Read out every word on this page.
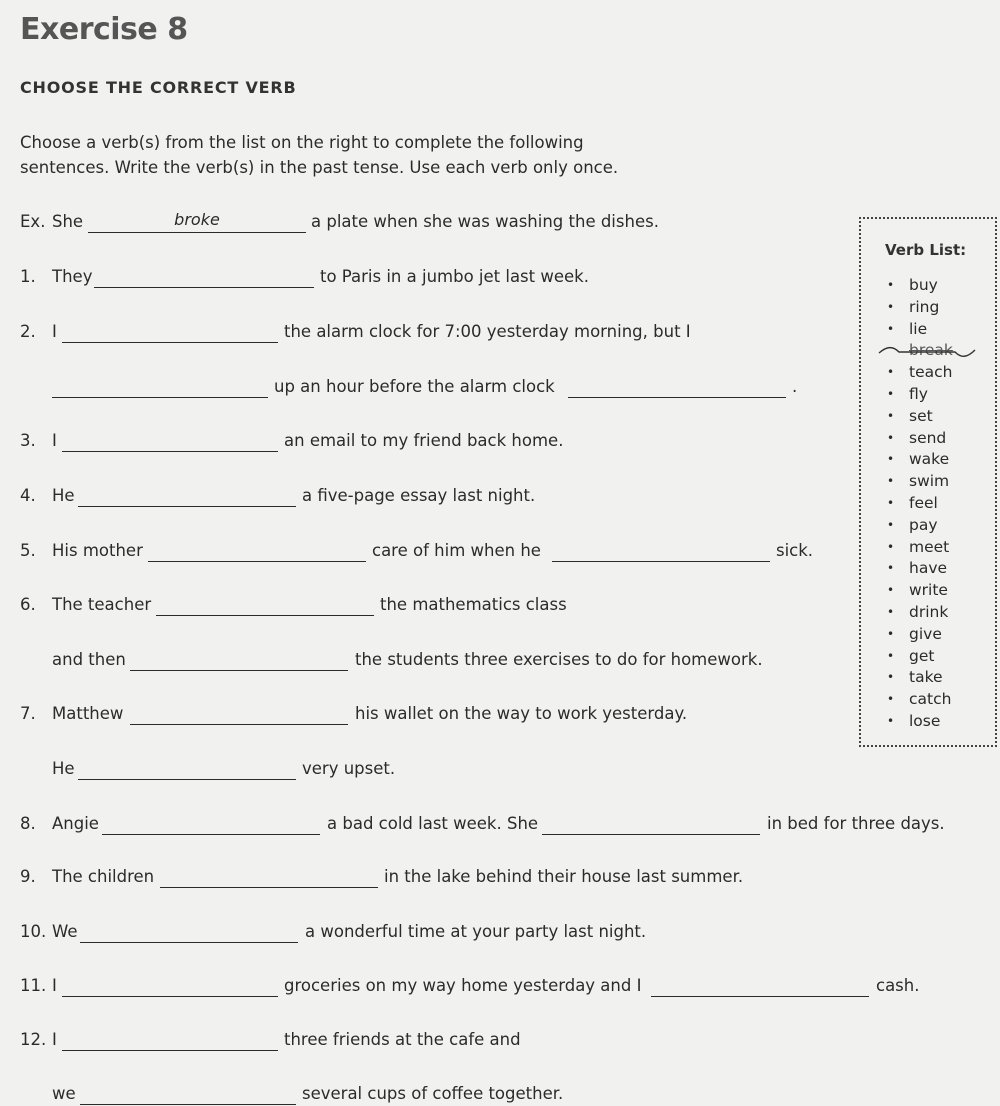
Exercise 8
CHOOSE THE CORRECT VERB

Choose a verb(s) from the list on the right to complete the following sentences. Write the verb(s) in the past tense. Use each verb only once.

Ex. She	broke	a plate when she was washing the dishes.
1. They	to Paris in a jumbo jet last week.
2. I	the alarm clock for 7:00 yesterday morning, but I
up an hour before the alarm clock	.
3. I	an email to my friend back home.
4. He	a five-page essay last night.
5. His mother	care of him when he	sick.
6. The teacher	the mathematics class
and then	the students three exercises to do for homework.
7. Matthew	his wallet on the way to work yesterday.
He	very upset.
8. Angie	a bad cold last week. She	in bed for three days.
9. The children	in the lake behind their house last summer.
10. We	a wonderful time at your party last night.
11. I	groceries on my way home yesterday and I	cash.
12. I	three friends at the cafe and
we	several cups of coffee together.
Verb List:
• buy
• ring
• lie
break
• teach
• fly
• set
• send
• wake
• swim
• feel
• pay
• meet
• have
• write
• drink
• give
• get
• take
• catch
• lose
